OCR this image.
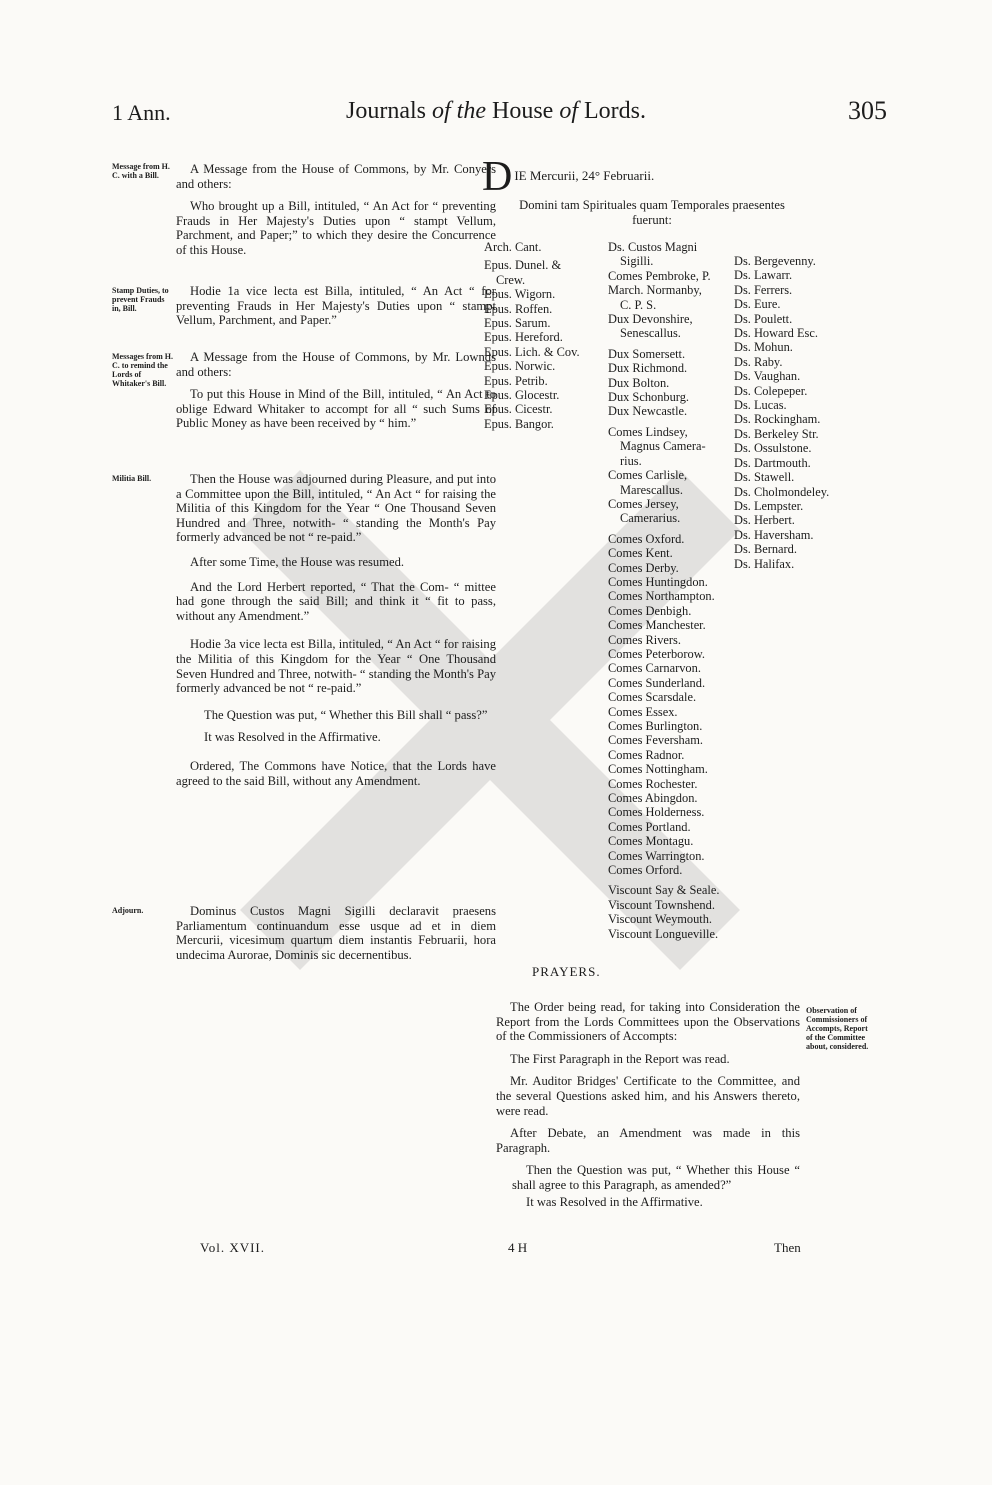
1 Ann.	Journals of the House of Lords.	305
Message from H. C. with a Bill.	A Message from the House of Commons, by Mr. Conyers and others:

Who brought up a Bill, intituled, “ An Act for “ preventing Frauds in Her Majesty's Duties upon “ stampt Vellum, Parchment, and Paper;” to which they desire the Concurrence of this House.

Stamp Duties, to prevent Frauds in, Bill.

Hodie 1a vice lecta est Billa, intituled, “ An Act “ for preventing Frauds in Her Majesty's Duties upon “ stampt Vellum, Parchment, and Paper.”

Messages from H. C. to remind the Lords of Whitaker's Bill.

A Message from the House of Commons, by Mr. Lownds and others:

To put this House in Mind of the Bill, intituled, “ An Act to oblige Edward Whitaker to accompt for all “ such Sums of Public Money as have been received by “ him.”

Militia Bill.	Then the House was adjourned during Pleasure, and put into a Committee upon the Bill, intituled, “ An Act “ for raising the Militia of this Kingdom for the Year “ One Thousand Seven Hundred and Three, notwith- “ standing the Month's Pay formerly advanced be not “ re-paid.”

After some Time, the House was resumed.

And the Lord Herbert reported, “ That the Com- “ mittee had gone through the said Bill; and think it “ fit to pass, without any Amendment.”

Hodie 3a vice lecta est Billa, intituled, “ An Act “ for raising the Militia of this Kingdom for the Year “ One Thousand Seven Hundred and Three, notwith- “ standing the Month's Pay formerly advanced be not “ re-paid.”

The Question was put, “ Whether this Bill shall “ pass?”

It was Resolved in the Affirmative.

Ordered, The Commons have Notice, that the Lords have agreed to the said Bill, without any Amendment.

Adjourn.	Dominus Custos Magni Sigilli declaravit praesens Parliamentum continuandum esse usque ad et in diem Mercurii, vicesimum quartum diem instantis Februarii, hora undecima Aurorae, Dominis sic decernentibus.

Vol. XVII.
D IE Mercurii, 24° Februarii.
Domini tam Spirituales quam Temporales praesentes
fuerunt:
Arch. Cant.
Epus. Dunel. &
Crew.
Epus. Wigorn.
Epus. Roffen.
Epus. Sarum.
Epus. Hereford.
Epus. Lich. & Cov.
Epus. Norwic.
Epus. Petrib.
Epus. Glocestr.
Epus. Cicestr.
Epus. Bangor.
Ds. Custos Magni
Sigilli.
Comes Pembroke, P.
March. Normanby,
C. P. S.
Dux Devonshire,
Senescallus.
Dux Somersett.
Dux Richmond.
Dux Bolton.
Dux Schonburg.
Dux Newcastle.
Comes Lindsey,
Magnus Camera-
rius.
Comes Carlisle,
Marescallus.
Comes Jersey,
Camerarius.
Comes Oxford.
Comes Kent.
Comes Derby.
Comes Huntingdon.
Comes Northampton.
Comes Denbigh.
Comes Manchester.
Comes Rivers.
Comes Peterborow.
Comes Carnarvon.
Comes Sunderland.
Comes Scarsdale.
Comes Essex.
Comes Burlington.
Comes Feversham.
Comes Radnor.
Comes Nottingham.
Comes Rochester.
Comes Abingdon.
Comes Holderness.
Comes Portland.
Comes Montagu.
Comes Warrington.
Comes Orford.
Viscount Say & Seale.
Viscount Townshend.
Viscount Weymouth.
Viscount Longueville.
Ds. Bergevenny.
Ds. Lawarr.
Ds. Ferrers.
Ds. Eure.
Ds. Poulett.
Ds. Howard Esc.
Ds. Mohun.
Ds. Raby.
Ds. Vaughan.
Ds. Colepeper.
Ds. Lucas.
Ds. Rockingham.
Ds. Berkeley Str.
Ds. Ossulstone.
Ds. Dartmouth.
Ds. Stawell.
Ds. Cholmondeley.
Ds. Lempster.
Ds. Herbert.
Ds. Haversham.
Ds. Bernard.
Ds. Halifax.
PRAYERS.

The Order being read, for taking into Consideration the Report from the Lords Committees upon the Observations of the Commissioners of Accompts:

The First Paragraph in the Report was read.

Mr. Auditor Bridges' Certificate to the Committee, and the several Questions asked him, and his Answers thereto, were read.

After Debate, an Amendment was made in this Paragraph.

Then the Question was put, “ Whether this House “ shall agree to this Paragraph, as amended?”

It was Resolved in the Affirmative.

Observation of Commissioners of Accompts, Report of the Committee about, considered.
4 H	Then
